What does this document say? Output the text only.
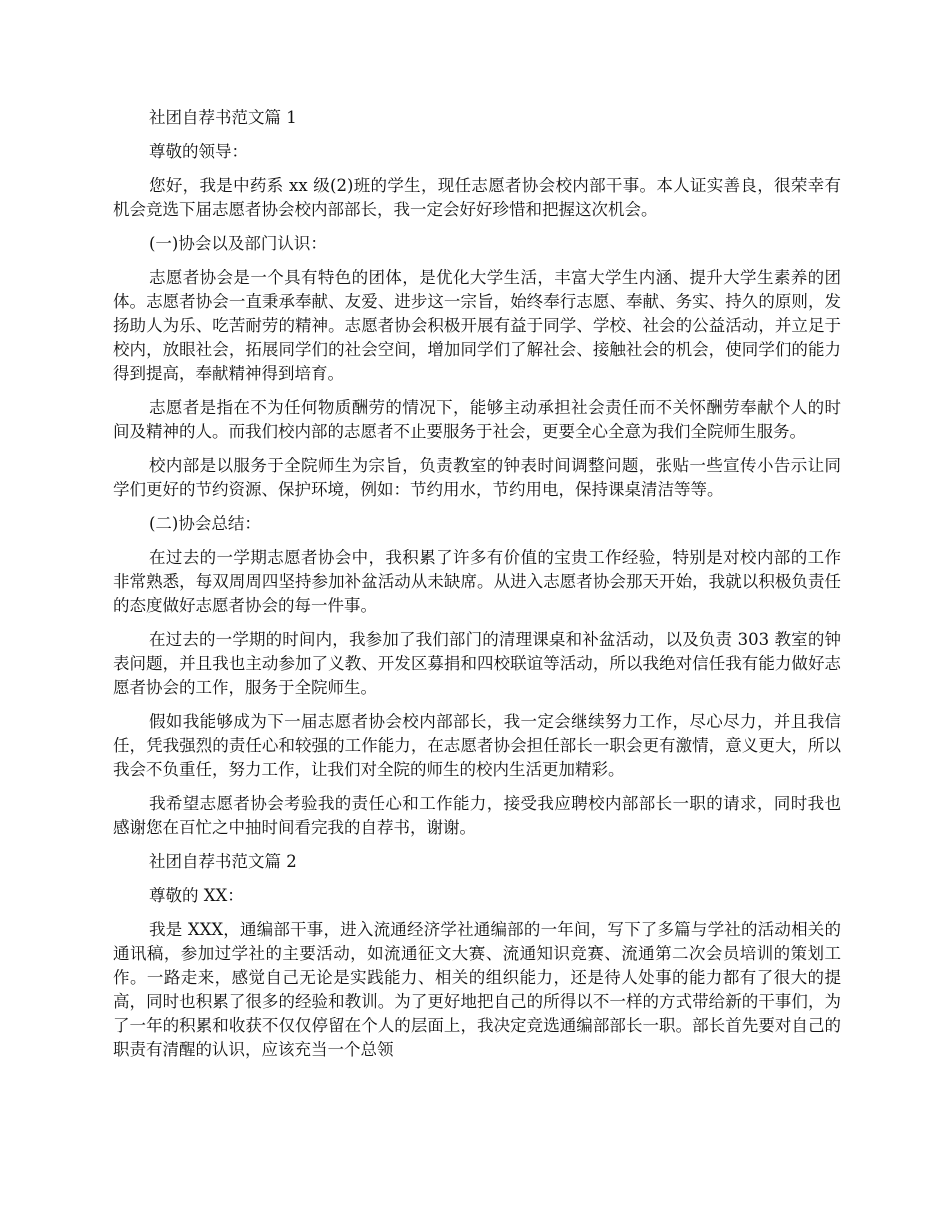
社团自荐书范文篇 1

尊敬的领导：

您好，我是中药系 xx 级(2)班的学生，现任志愿者协会校内部干事。本人证实善良，很荣幸有机会竞选下届志愿者协会校内部部长，我一定会好好珍惜和把握这次机会。

(一)协会以及部门认识：

志愿者协会是一个具有特色的团体，是优化大学生活，丰富大学生内涵、提升大学生素养的团体。志愿者协会一直秉承奉献、友爱、进步这一宗旨，始终奉行志愿、奉献、务实、持久的原则，发扬助人为乐、吃苦耐劳的精神。志愿者协会积极开展有益于同学、学校、社会的公益活动，并立足于校内，放眼社会，拓展同学们的社会空间，增加同学们了解社会、接触社会的机会，使同学们的能力得到提高，奉献精神得到培育。

志愿者是指在不为任何物质酬劳的情况下，能够主动承担社会责任而不关怀酬劳奉献个人的时间及精神的人。而我们校内部的志愿者不止要服务于社会，更要全心全意为我们全院师生服务。

校内部是以服务于全院师生为宗旨，负责教室的钟表时间调整问题，张贴一些宣传小告示让同学们更好的节约资源、保护环境，例如：节约用水，节约用电，保持课桌清洁等等。

(二)协会总结：

在过去的一学期志愿者协会中，我积累了许多有价值的宝贵工作经验，特别是对校内部的工作非常熟悉，每双周周四坚持参加补盆活动从未缺席。从进入志愿者协会那天开始，我就以积极负责任的态度做好志愿者协会的每一件事。

在过去的一学期的时间内，我参加了我们部门的清理课桌和补盆活动，以及负责 303 教室的钟表问题，并且我也主动参加了义教、开发区募捐和四校联谊等活动，所以我绝对信任我有能力做好志愿者协会的工作，服务于全院师生。

假如我能够成为下一届志愿者协会校内部部长，我一定会继续努力工作，尽心尽力，并且我信任，凭我强烈的责任心和较强的工作能力，在志愿者协会担任部长一职会更有激情，意义更大，所以我会不负重任，努力工作，让我们对全院的师生的校内生活更加精彩。

我希望志愿者协会考验我的责任心和工作能力，接受我应聘校内部部长一职的请求，同时我也感谢您在百忙之中抽时间看完我的自荐书，谢谢。

社团自荐书范文篇 2

尊敬的 XX：

我是 XXX，通编部干事，进入流通经济学社通编部的一年间，写下了多篇与学社的活动相关的通讯稿，参加过学社的主要活动，如流通征文大赛、流通知识竞赛、流通第二次会员培训的策划工作。一路走来，感觉自己无论是实践能力、相关的组织能力，还是待人处事的能力都有了很大的提高，同时也积累了很多的经验和教训。为了更好地把自己的所得以不一样的方式带给新的干事们，为了一年的积累和收获不仅仅停留在个人的层面上，我决定竞选通编部部长一职。部长首先要对自己的职责有清醒的认识，应该充当一个总领
